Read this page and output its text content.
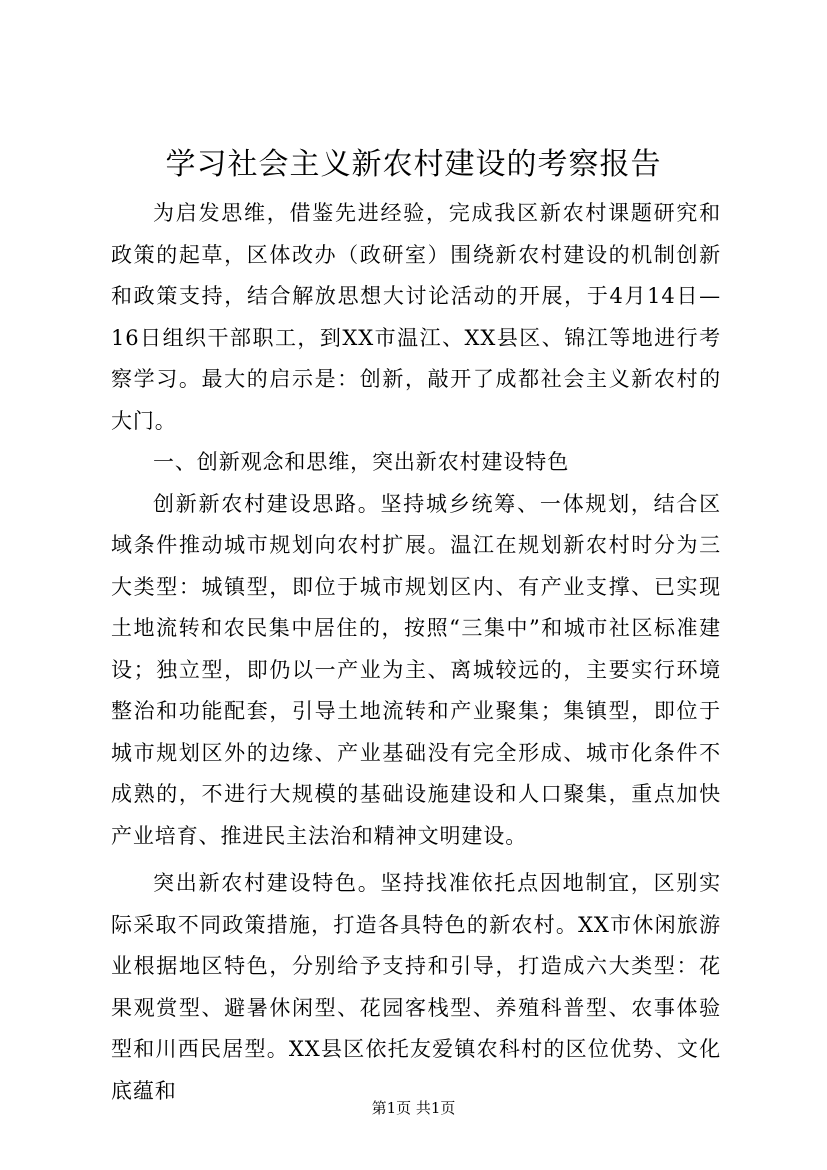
学习社会主义新农村建设的考察报告

为启发思维，借鉴先进经验，完成我区新农村课题研究和政策的起草，区体改办（政研室）围绕新农村建设的机制创新和政策支持，结合解放思想大讨论活动的开展，于4月14日—16日组织干部职工，到XX市温江、XX县区、锦江等地进行考察学习。最大的启示是：创新，敲开了成都社会主义新农村的大门。

一、创新观念和思维，突出新农村建设特色

创新新农村建设思路。坚持城乡统筹、一体规划，结合区域条件推动城市规划向农村扩展。温江在规划新农村时分为三大类型：城镇型，即位于城市规划区内、有产业支撑、已实现土地流转和农民集中居住的，按照“三集中”和城市社区标准建设；独立型，即仍以一产业为主、离城较远的，主要实行环境整治和功能配套，引导土地流转和产业聚集；集镇型，即位于城市规划区外的边缘、产业基础没有完全形成、城市化条件不成熟的，不进行大规模的基础设施建设和人口聚集，重点加快产业培育、推进民主法治和精神文明建设。

突出新农村建设特色。坚持找准依托点因地制宜，区别实际采取不同政策措施，打造各具特色的新农村。XX市休闲旅游业根据地区特色，分别给予支持和引导，打造成六大类型：花果观赏型、避暑休闲型、花园客栈型、养殖科普型、农事体验型和川西民居型。XX县区依托友爱镇农科村的区位优势、文化底蕴和

第1页 共1页
